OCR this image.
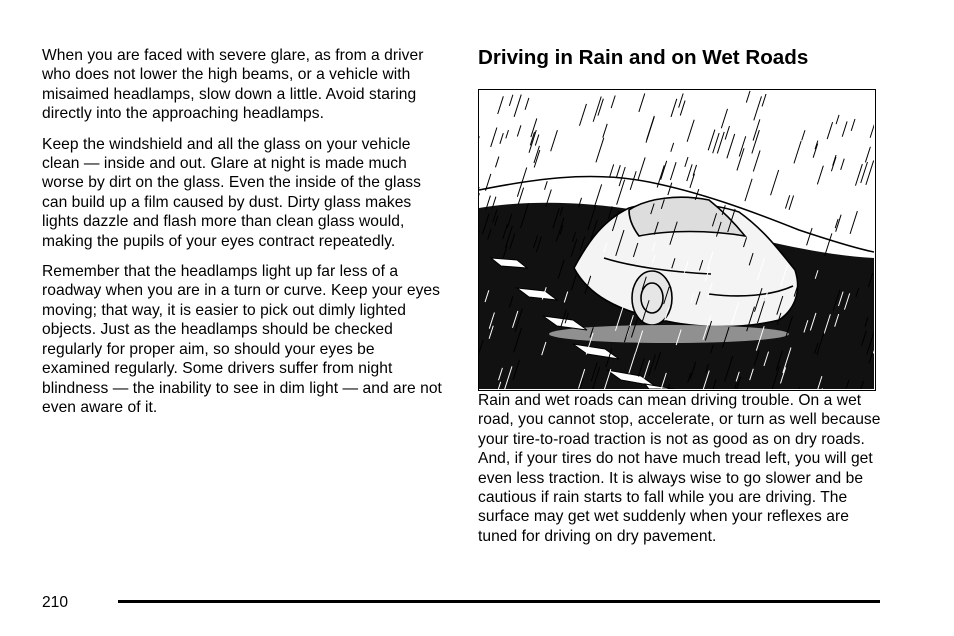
When you are faced with severe glare, as from a driver who does not lower the high beams, or a vehicle with misaimed headlamps, slow down a little. Avoid staring directly into the approaching headlamps.

Keep the windshield and all the glass on your vehicle clean — inside and out. Glare at night is made much worse by dirt on the glass. Even the inside of the glass can build up a film caused by dust. Dirty glass makes lights dazzle and flash more than clean glass would, making the pupils of your eyes contract repeatedly.

Remember that the headlamps light up far less of a roadway when you are in a turn or curve. Keep your eyes moving; that way, it is easier to pick out dimly lighted objects. Just as the headlamps should be checked regularly for proper aim, so should your eyes be examined regularly. Some drivers suffer from night blindness — the inability to see in dim light — and are not even aware of it.

Driving in Rain and on Wet Roads

Rain and wet roads can mean driving trouble. On a wet road, you cannot stop, accelerate, or turn as well because your tire-to-road traction is not as good as on dry roads. And, if your tires do not have much tread left, you will get even less traction. It is always wise to go slower and be cautious if rain starts to fall while you are driving. The surface may get wet suddenly when your reflexes are tuned for driving on dry pavement.

210
